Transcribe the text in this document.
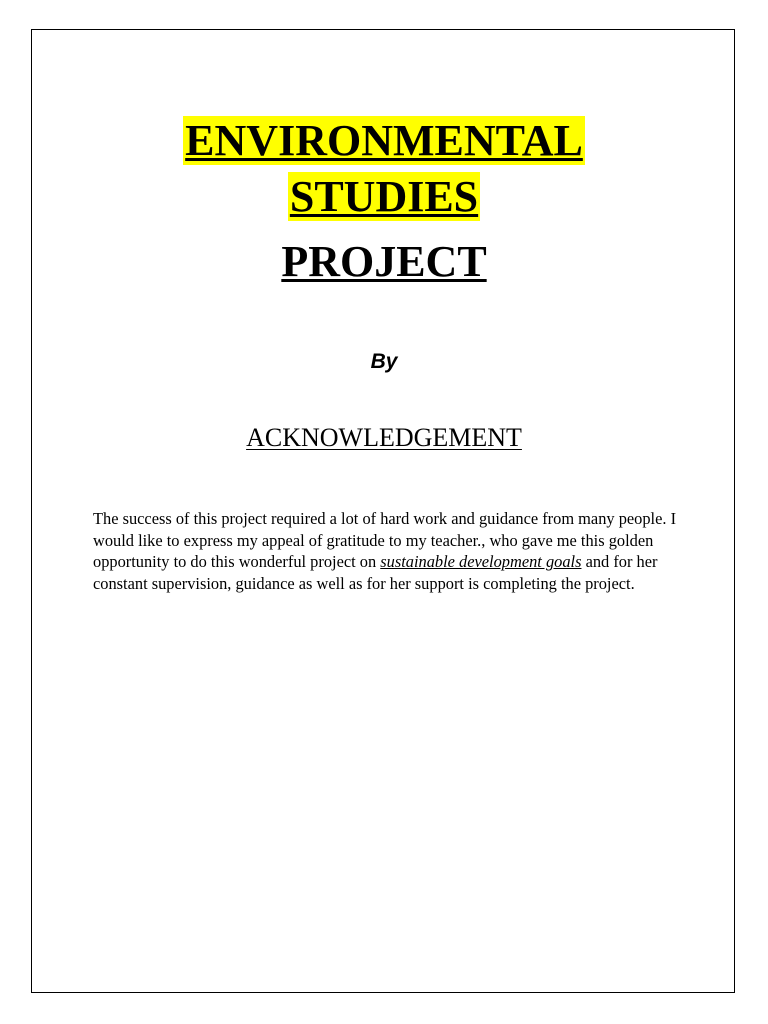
ENVIRONMENTAL
STUDIES
PROJECT
By
ACKNOWLEDGEMENT

The success of this project required a lot of hard work and guidance from many people. I would like to express my appeal of gratitude to my teacher., who gave me this golden opportunity to do this wonderful project on sustainable development goals and for her constant supervision, guidance as well as for her support is completing the project.
